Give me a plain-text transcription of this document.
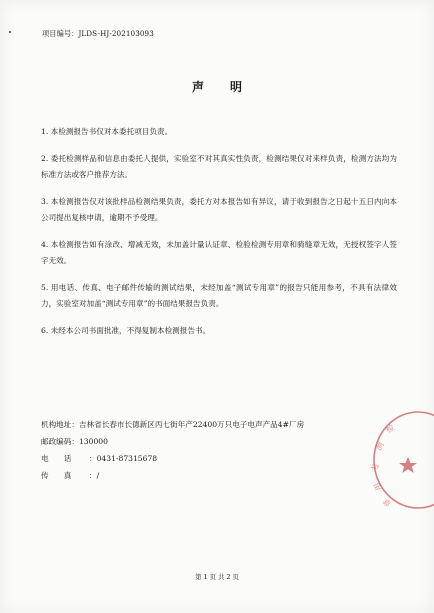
项目编号：JLDS-HJ-202103093
声 明
1. 本检测报告书仅对本委托项目负责。
2. 委托检测样品和信息由委托人提供，实验室不对其真实性负责，检测结果仅对来样负责，检测方法均为标准方法或客户推荐方法。
3. 本检测报告仅对该批样品检测结果负责，委托方对本报告如有异议，请于收到报告之日起十五日内向本公司提出复核申请，逾期不予受理。
4. 本检测报告如有涂改、增减无效，未加盖计量认证章、检验检测专用章和骑缝章无效，无授权签字人签字无效。
5. 用电话、传真、电子邮件传输的测试结果，未经加盖“测试专用章”的报告只能用参考，不具有法律效力，实验室对加盖“测试专用章”的书面结果报告负责。
6. 未经本公司书面批准，不得复制本检测报告书。
机构地址：吉林省长春市长德新区丙七街年产22400万只电子电声产品4#厂房
邮政编码：130000
电　　话 ：0431-87315678
传　　真 ：/
检
测
专
用
章
第 1 页 共 2 页
